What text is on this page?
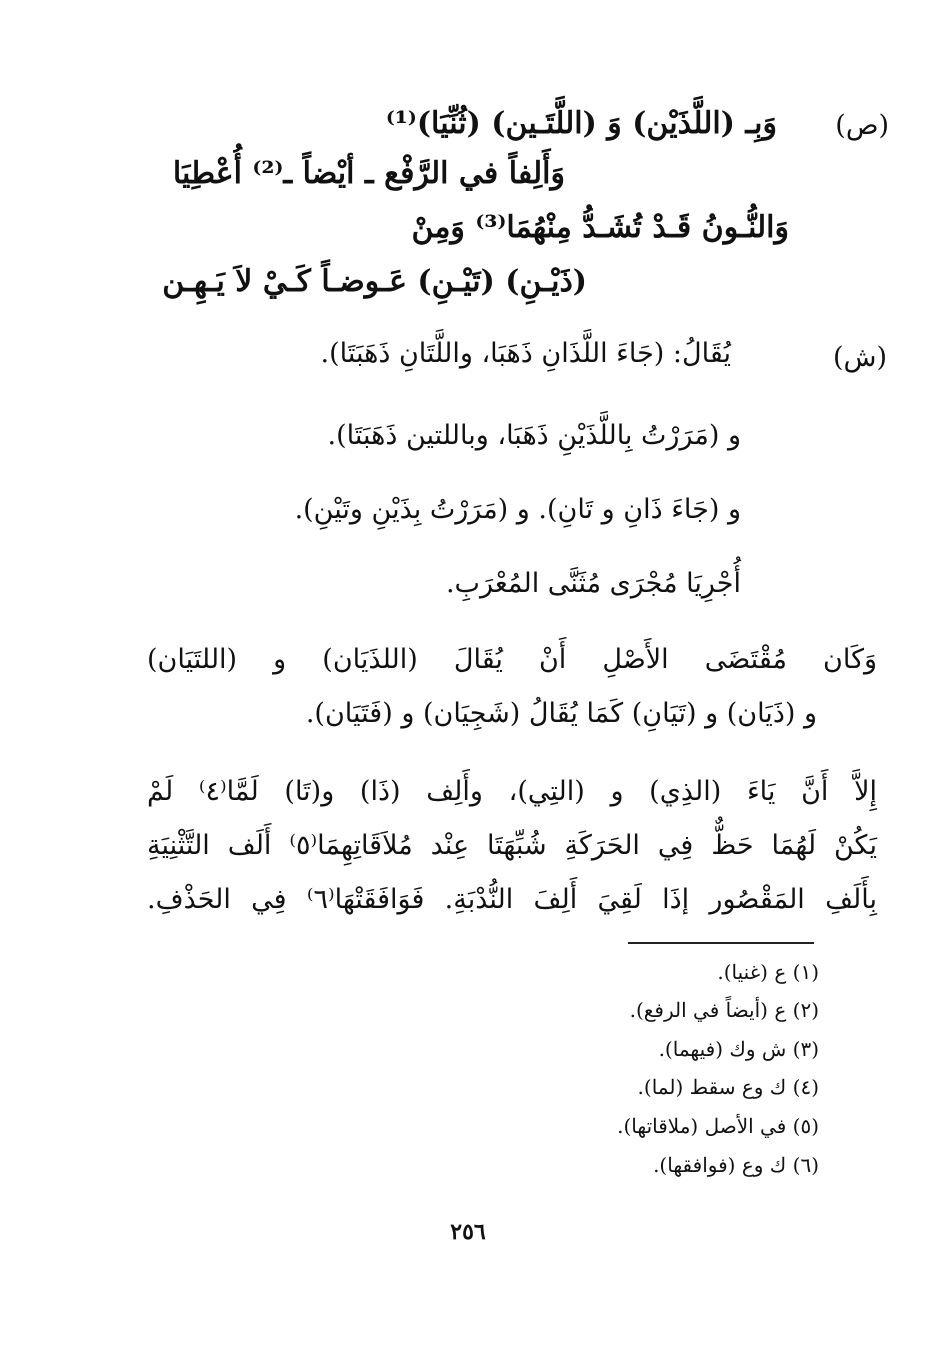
(ص)
وَبِـ (اللَّذَيْن) وَ (اللَّتَـين) (ثُنِّيَا)⁽¹⁾
وَأَلِفاً في الرَّفْع ـ أيْضاً ـ⁽²⁾ أُعْطِيَا
وَالنُّـونُ قَـدْ تُشَـدُّ مِنْهُمَا⁽³⁾ وَمِنْ
(ذَيْـنِ) (تَيْـنِ) عَـوضـاً كَـيْ لاَ يَـهِـن
(ش)
يُقَالُ: (جَاءَ اللَّذَانِ ذَهَبَا، واللَّتَانِ ذَهَبَتَا).
و (مَرَرْتُ بِاللَّذَيْنِ ذَهَبَا، وباللتين ذَهَبَتَا).
و (جَاءَ ذَانِ و تَانِ). و (مَرَرْتُ بِذَيْنِ وتَيْنِ).
أُجْرِيَا مُجْرَى مُثَنَّى المُعْرَبِ.
وَكَان مُقْتَضَى الأَصْلِ أَنْ يُقَالَ (اللذَيَان) و (اللتَيَان)
و (ذَيَان) و (تَيَانِ) كَمَا يُقَالُ (شَجِيَان) و (فَتَيَان).
إِلاَّ أَنَّ يَاءَ (الذِي) و (التِي)، وأَلِف (ذَا) و(تَا) لَمَّا⁽٤⁾ لَمْ
يَكُنْ لَهُمَا حَظٌّ فِي الحَرَكَةِ شُبِّهَتَا عِنْد مُلاَقَاتِهِمَا⁽٥⁾ أَلَف التَّثْنِيَةِ
بِأَلَفِ المَقْصُور إذَا لَقِيَ أَلِفَ النُّدْبَةِ. فَوَافَقَتْهَا⁽٦⁾ فِي الحَذْفِ.
(١) ع (غنيا).
(٢) ع (أيضاً في الرفع).
(٣) ش وك (فيهما).
(٤) ك وع سقط (لما).
(٥) في الأصل (ملاقاتها).
(٦) ك وع (فوافقها).
٢٥٦
